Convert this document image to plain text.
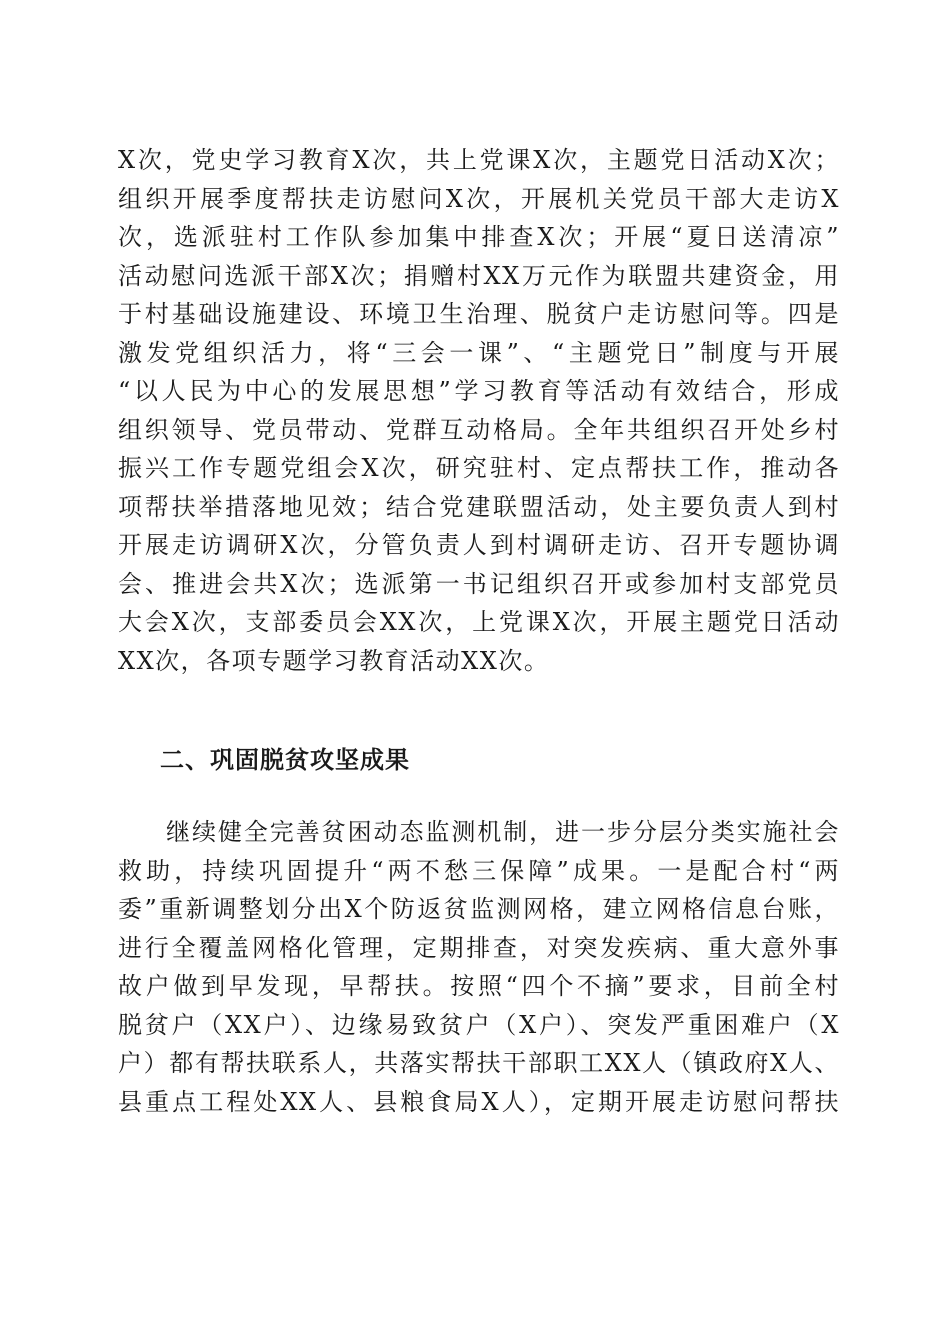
X次，党史学习教育X次，共上党课X次，主题党日活动X次；
组织开展季度帮扶走访慰问X次，开展机关党员干部大走访X
次，选派驻村工作队参加集中排查X次；开展“夏日送清凉”
活动慰问选派干部X次；捐赠村XX万元作为联盟共建资金，用
于村基础设施建设、环境卫生治理、脱贫户走访慰问等。四是
激发党组织活力，将“三会一课”、“主题党日”制度与开展
“以人民为中心的发展思想”学习教育等活动有效结合，形成
组织领导、党员带动、党群互动格局。全年共组织召开处乡村
振兴工作专题党组会X次，研究驻村、定点帮扶工作，推动各
项帮扶举措落地见效；结合党建联盟活动，处主要负责人到村
开展走访调研X次，分管负责人到村调研走访、召开专题协调
会、推进会共X次；选派第一书记组织召开或参加村支部党员
大会X次，支部委员会XX次，上党课X次，开展主题党日活动
XX次，各项专题学习教育活动XX次。
二、巩固脱贫攻坚成果
继续健全完善贫困动态监测机制，进一步分层分类实施社会
救助，持续巩固提升“两不愁三保障”成果。一是配合村“两
委”重新调整划分出X个防返贫监测网格，建立网格信息台账，
进行全覆盖网格化管理，定期排查，对突发疾病、重大意外事
故户做到早发现，早帮扶。按照“四个不摘”要求，目前全村
脱贫户（XX户）、边缘易致贫户（X户）、突发严重困难户（X
户）都有帮扶联系人，共落实帮扶干部职工XX人（镇政府X人、
县重点工程处XX人、县粮食局X人），定期开展走访慰问帮扶
